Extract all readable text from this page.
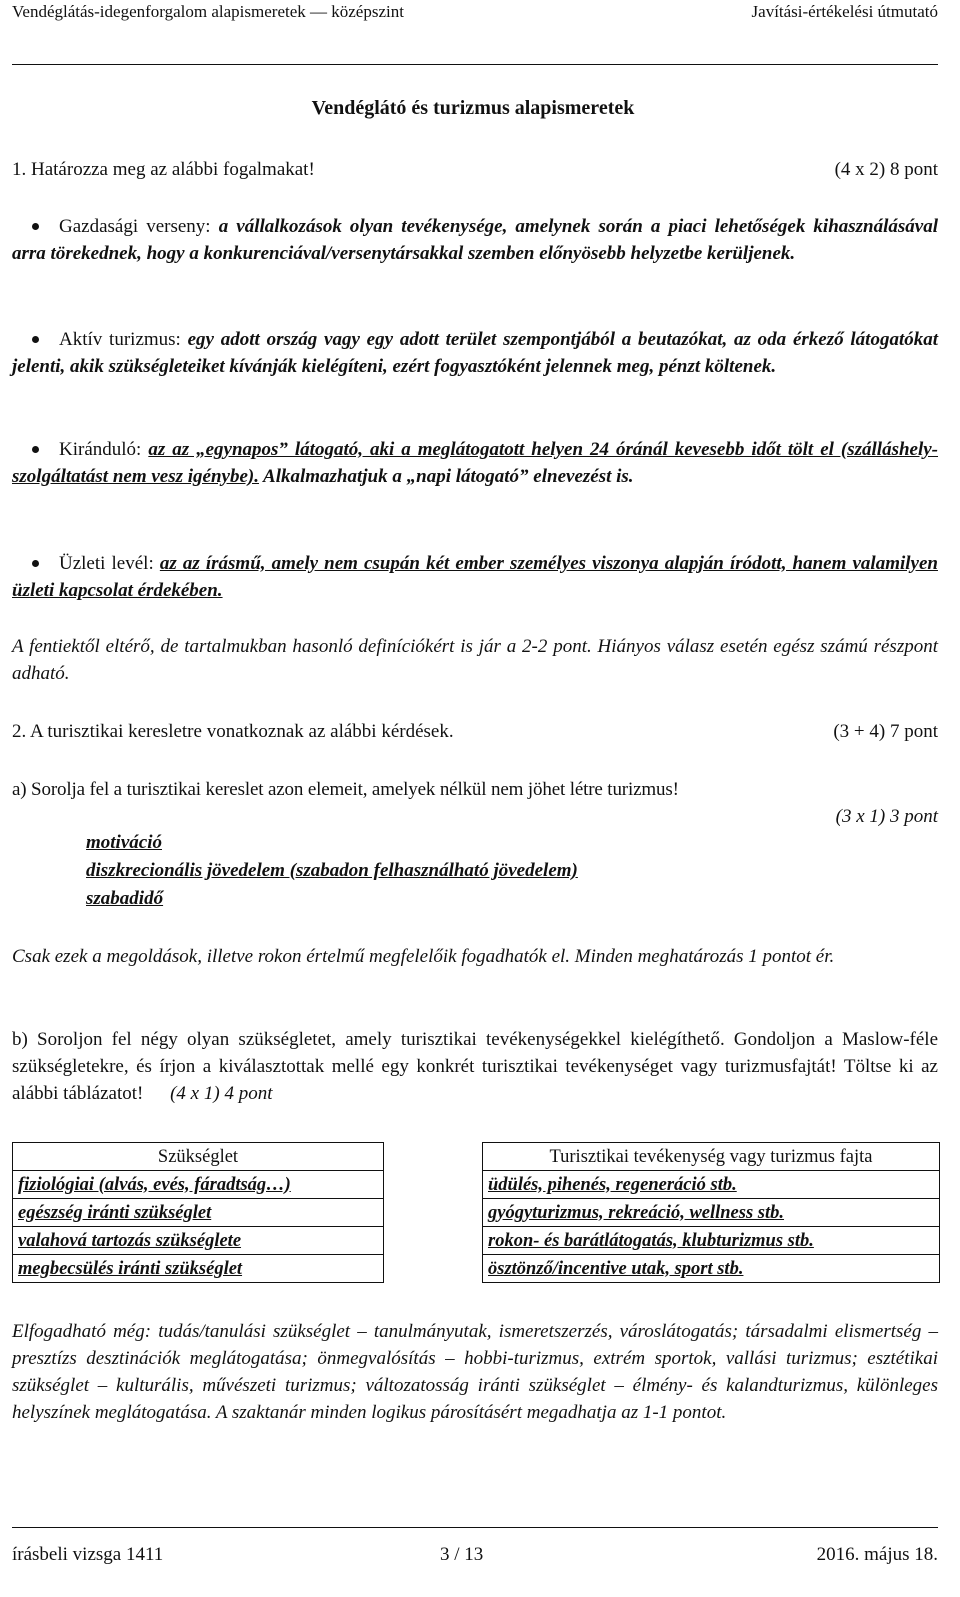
Vendéglátás-idegenforgalom alapismeretek — középszint	Javítási-értékelési útmutató
Vendéglátó és turizmus alapismeretek
1. Határozza meg az alábbi fogalmakat!	(4 x 2) 8 pont
Gazdasági verseny: a vállalkozások olyan tevékenysége, amelynek során a piaci lehetőségek kihasználásával arra törekednek, hogy a konkurenciával/versenytársakkal szemben előnyösebb helyzetbe kerüljenek.
Aktív turizmus: egy adott ország vagy egy adott terület szempontjából a beutazókat, az oda érkező látogatókat jelenti, akik szükségleteiket kívánják kielégíteni, ezért fogyasztóként jelennek meg, pénzt költenek.
Kiránduló: az az „egynapos” látogató, aki a meglátogatott helyen 24 óránál kevesebb időt tölt el (szálláshely-szolgáltatást nem vesz igénybe). Alkalmazhatjuk a „napi látogató” elnevezést is.
Üzleti levél: az az írásmű, amely nem csupán két ember személyes viszonya alapján íródott, hanem valamilyen üzleti kapcsolat érdekében.
A fentiektől eltérő, de tartalmukban hasonló definíciókért is jár a 2-2 pont. Hiányos válasz esetén egész számú részpont adható.
2. A turisztikai keresletre vonatkoznak az alábbi kérdések.	(3 + 4) 7 pont
a) Sorolja fel a turisztikai kereslet azon elemeit, amelyek nélkül nem jöhet létre turizmus!
(3 x 1) 3 pont
motiváció
diszkrecionális jövedelem (szabadon felhasználható jövedelem)
szabadidő
Csak ezek a megoldások, illetve rokon értelmű megfelelőik fogadhatók el. Minden meghatározás 1 pontot ér.
b) Soroljon fel négy olyan szükségletet, amely turisztikai tevékenységekkel kielégíthető. Gondoljon a Maslow-féle szükségletekre, és írjon a kiválasztottak mellé egy konkrét turisztikai tevékenységet vagy turizmusfajtát! Töltse ki az alábbi táblázatot! (4 x 1) 4 pont
Szükséglet		Turisztikai tevékenység vagy turizmus fajta
fiziológiai (alvás, evés, fáradtság…)		üdülés, pihenés, regeneráció stb.
egészség iránti szükséglet		gyógyturizmus, rekreáció, wellness stb.
valahová tartozás szükséglete		rokon- és barátlátogatás, klubturizmus stb.
megbecsülés iránti szükséglet		ösztönző/incentive utak, sport stb.
Elfogadható még: tudás/tanulási szükséglet – tanulmányutak, ismeretszerzés, városlátogatás; társadalmi elismertség – presztízs desztinációk meglátogatása; önmegvalósítás – hobbi-turizmus, extrém sportok, vallási turizmus; esztétikai szükséglet – kulturális, művészeti turizmus; változatosság iránti szükséglet – élmény- és kalandturizmus, különleges helyszínek meglátogatása. A szaktanár minden logikus párosításért megadhatja az 1-1 pontot.
írásbeli vizsga 1411	3 / 13	2016. május 18.
